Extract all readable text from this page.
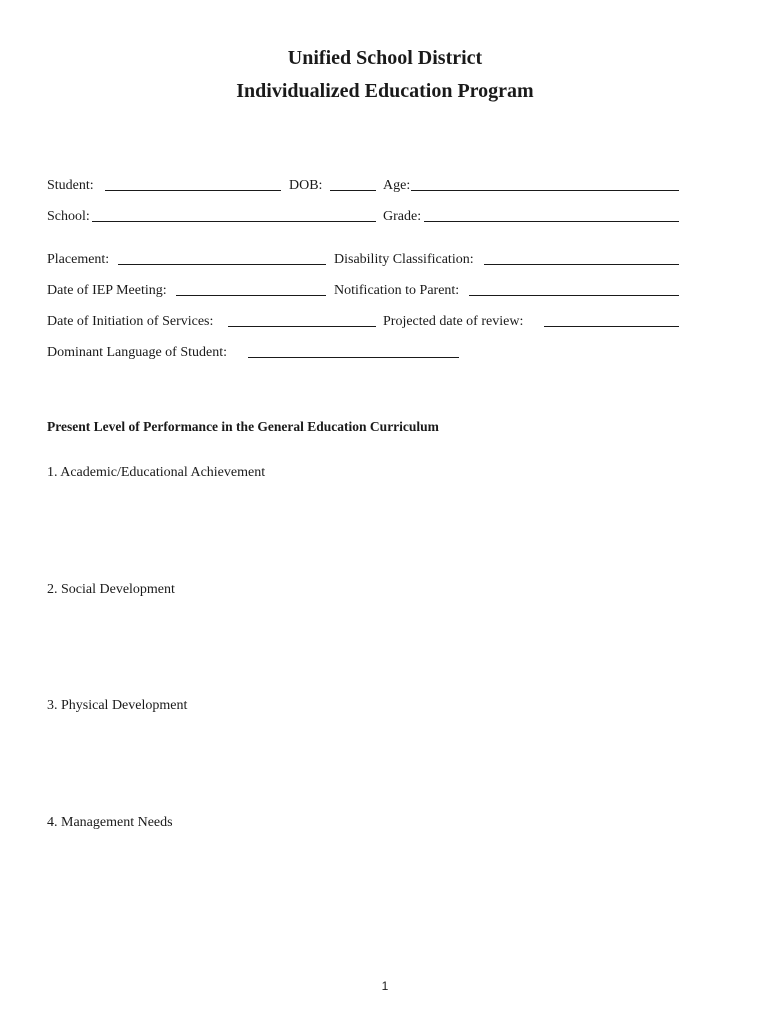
Unified School District
Individualized Education Program
Student:	DOB:	Age:
School:	Grade:
Placement:	Disability Classification:
Date of IEP Meeting:	Notification to Parent:
Date of Initiation of Services:	Projected date of review:
Dominant Language of Student:
Present Level of Performance in the General Education Curriculum
1. Academic/Educational Achievement
2. Social Development
3. Physical Development
4. Management Needs
1
